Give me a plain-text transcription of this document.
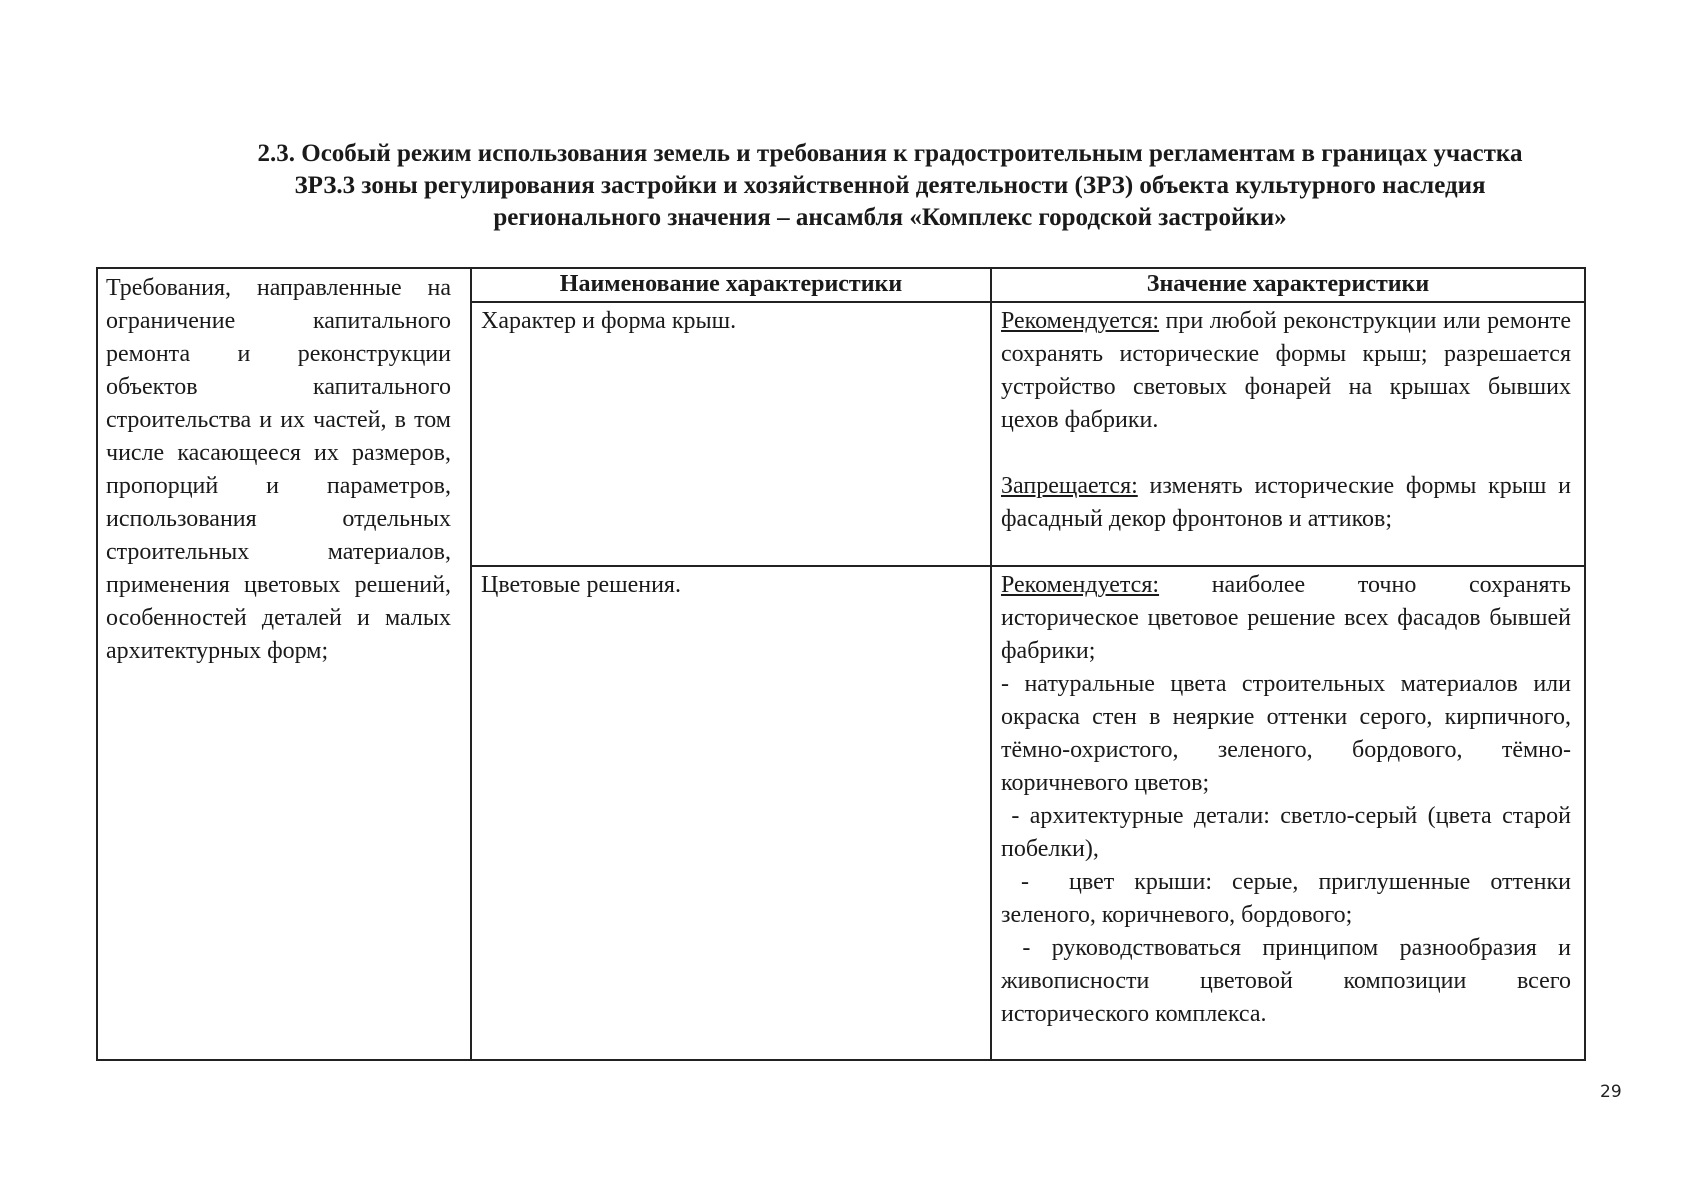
2.3. Особый режим использования земель и требования к градостроительным регламентам в границах участка
ЗРЗ.3 зоны регулирования застройки и хозяйственной деятельности (ЗРЗ) объекта культурного наследия
регионального значения – ансамбля «Комплекс городской застройки»
Требования, направленные на ограничение капитального ремонта и реконструкции объектов капитального строительства и их частей, в том числе касающееся их размеров, пропорций и параметров, использования отдельных строительных материалов, применения цветовых решений, особенностей деталей и малых архитектурных форм;
Наименование характеристики	Значение характеристики
Характер и форма крыш.	Рекомендуется: при любой реконструкции или ремонте сохранять исторические формы крыш; разрешается устройство световых фонарей на крышах бывших цехов фабрики.
Запрещается: изменять исторические формы крыш и фасадный декор фронтонов и аттиков;
Цветовые решения.	Рекомендуется: наиболее точно сохранять историческое цветовое решение всех фасадов бывшей фабрики;
- натуральные цвета строительных материалов или окраска стен в неяркие оттенки серого, кирпичного, тёмно-охристого, зеленого, бордового, тёмно-коричневого цветов;
- архитектурные детали: светло-серый (цвета старой побелки),
-  цвет крыши: серые, приглушенные оттенки зеленого, коричневого, бордового;
- руководствоваться принципом разнообразия и живописности цветовой композиции всего исторического комплекса.
29
